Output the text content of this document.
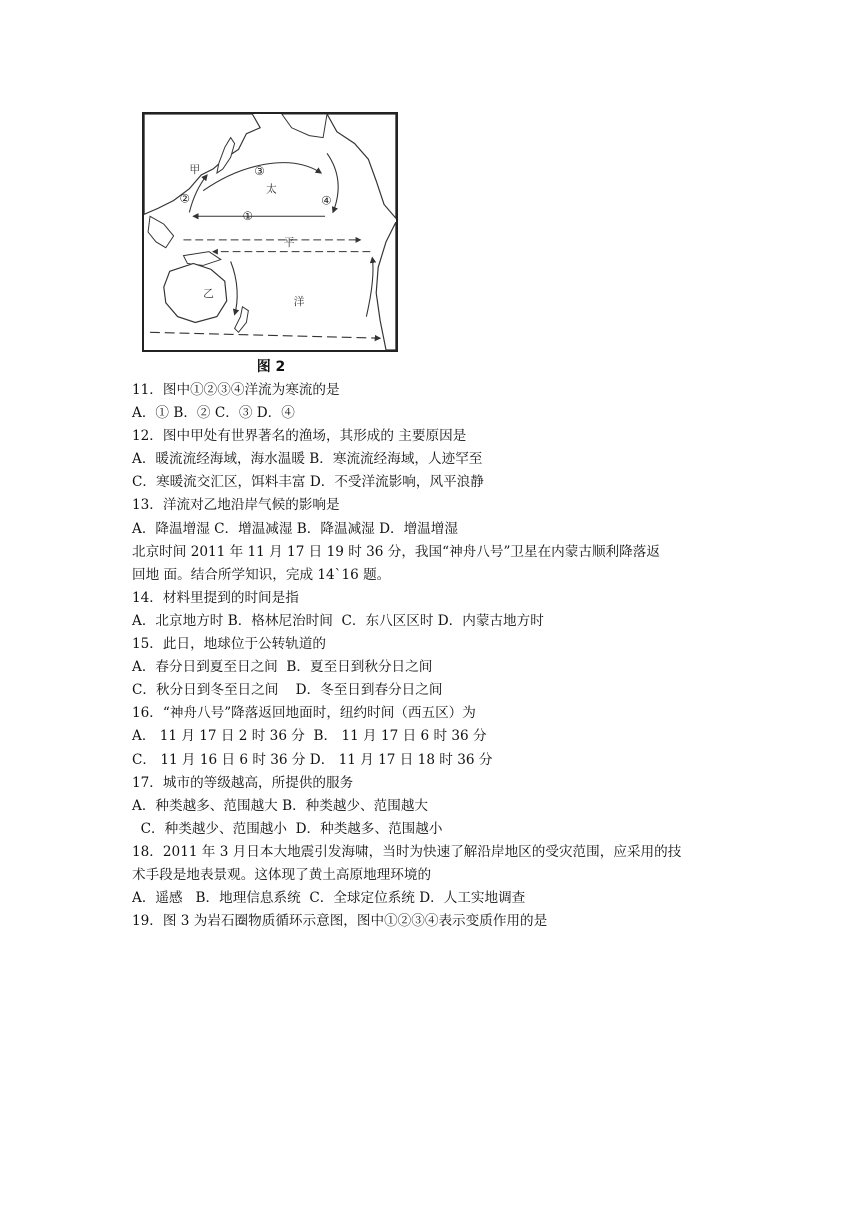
甲	③
太
②	④
①
平
乙
洋
图 2
11．图中①②③④洋流为寒流的是
A．① B．② C．③ D．④
12．图中甲处有世界著名的渔场，其形成的 主要原因是
A．暖流流经海域，海水温暖 B．寒流流经海域，人迹罕至
C．寒暖流交汇区，饵料丰富 D．不受洋流影响，风平浪静
13．洋流对乙地沿岸气候的影响是
A．降温增湿 C．增温减湿 B．降温减湿 D．增温增湿
北京时间 2011 年 11 月 17 日 19 时 36 分，我国“神舟八号”卫星在内蒙古顺利降落返
回地 面。结合所学知识，完成 14`16 题。
14．材料里提到的时间是指
A．北京地方时 B．格林尼治时间  C．东八区区时 D．内蒙古地方时
15．此日，地球位于公转轨道的
A．春分日到夏至日之间  B．夏至日到秋分日之间
C．秋分日到冬至日之间    D．冬至日到春分日之间
16．“神舟八号”降落返回地面时，纽约时间（西五区）为
A． 11 月 17 日 2 时 36 分  B． 11 月 17 日 6 时 36 分
C． 11 月 16 日 6 时 36 分 D． 11 月 17 日 18 时 36 分
17．城市的等级越高，所提供的服务
A．种类越多、范围越大 B．种类越少、范围越大
C．种类越少、范围越小  D．种类越多、范围越小
18．2011 年 3 月日本大地震引发海啸，当时为快速了解沿岸地区的受灾范围，应采用的技
术手段是地表景观。这体现了黄土高原地理环境的
A．遥感   B．地理信息系统  C．全球定位系统 D．人工实地调查
19．图 3 为岩石圈物质循环示意图，图中①②③④表示变质作用的是
